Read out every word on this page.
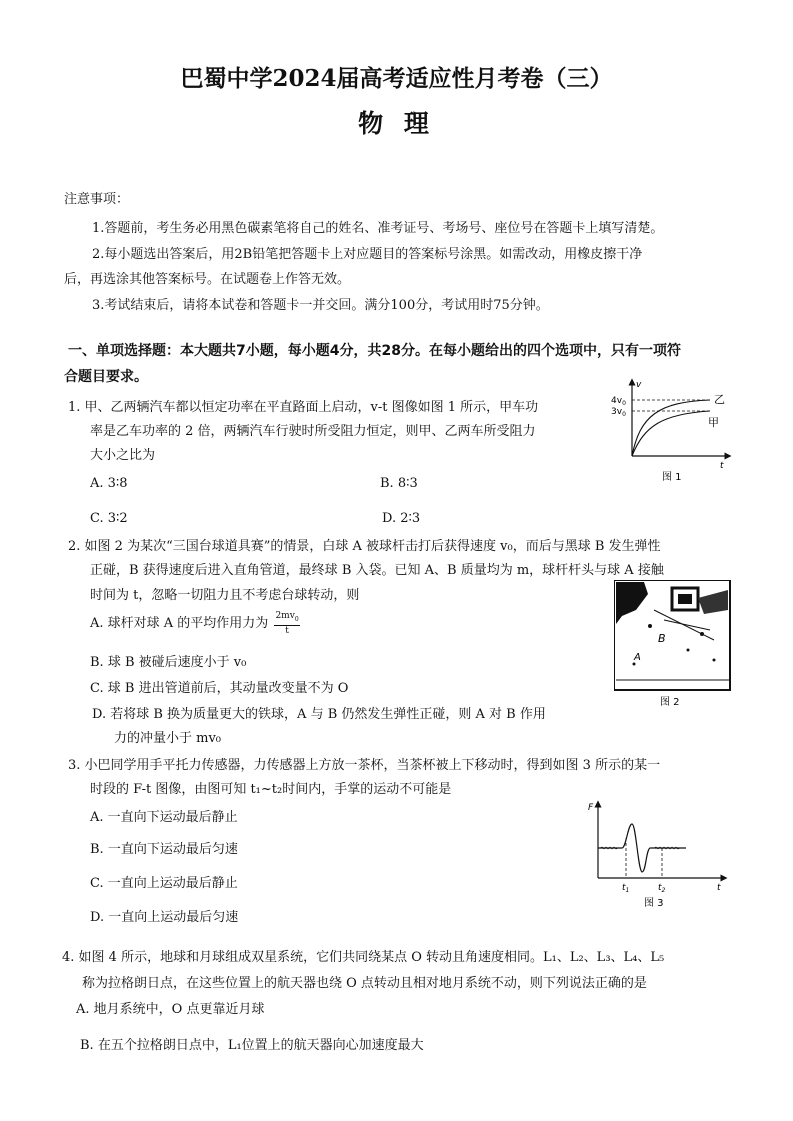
巴蜀中学2024届高考适应性月考卷（三）
物 理
注意事项：
1.答题前，考生务必用黑色碳素笔将自己的姓名、准考证号、考场号、座位号在答题卡上填写清楚。
2.每小题选出答案后，用2B铅笔把答题卡上对应题目的答案标号涂黑。如需改动，用橡皮擦干净
后，再选涂其他答案标号。在试题卷上作答无效。
3.考试结束后，请将本试卷和答题卡一并交回。满分100分，考试用时75分钟。
一、单项选择题：本大题共7小题，每小题4分，共28分。在每小题给出的四个选项中，只有一项符
合题目要求。
1. 甲、乙两辆汽车都以恒定功率在平直路面上启动，v-t 图像如图 1 所示，甲车功
率是乙车功率的 2 倍，两辆汽车行驶时所受阻力恒定，则甲、乙两车所受阻力
大小之比为
A. 3∶8	B. 8∶3
C. 3∶2	D. 2∶3
v
$4v_0$
$3v_0$
乙
甲
t
图 1
2. 如图 2 为某次“三国台球道具赛”的情景，白球 A 被球杆击打后获得速度 v₀，而后与黑球 B 发生弹性
正碰，B 获得速度后进入直角管道，最终球 B 入袋。已知 A、B 质量均为 m，球杆杆头与球 A 接触
时间为 t，忽略一切阻力且不考虑台球转动，则
A. 球杆对球 A 的平均作用力为 $\frac{2mv_0}{t}$
B. 球 B 被碰后速度小于 v₀
C. 球 B 进出管道前后，其动量改变量不为 O
D. 若将球 B 换为质量更大的铁球，A 与 B 仍然发生弹性正碰，则 A 对 B 作用
力的冲量小于 mv₀
B
A
图 2
3. 小巴同学用手平托力传感器，力传感器上方放一茶杯，当茶杯被上下移动时，得到如图 3 所示的某一
时段的 F-t 图像，由图可知 t₁~t₂时间内，手掌的运动不可能是
A. 一直向下运动最后静止
B. 一直向下运动最后匀速
C. 一直向上运动最后静止
D. 一直向上运动最后匀速
F
t
$t_1$	$t_2$
图 3
4. 如图 4 所示，地球和月球组成双星系统，它们共同绕某点 O 转动且角速度相同。L₁、L₂、L₃、L₄、L₅
称为拉格朗日点，在这些位置上的航天器也绕 O 点转动且相对地月系统不动，则下列说法正确的是
A. 地月系统中，O 点更靠近月球
B. 在五个拉格朗日点中，L₁位置上的航天器向心加速度最大
